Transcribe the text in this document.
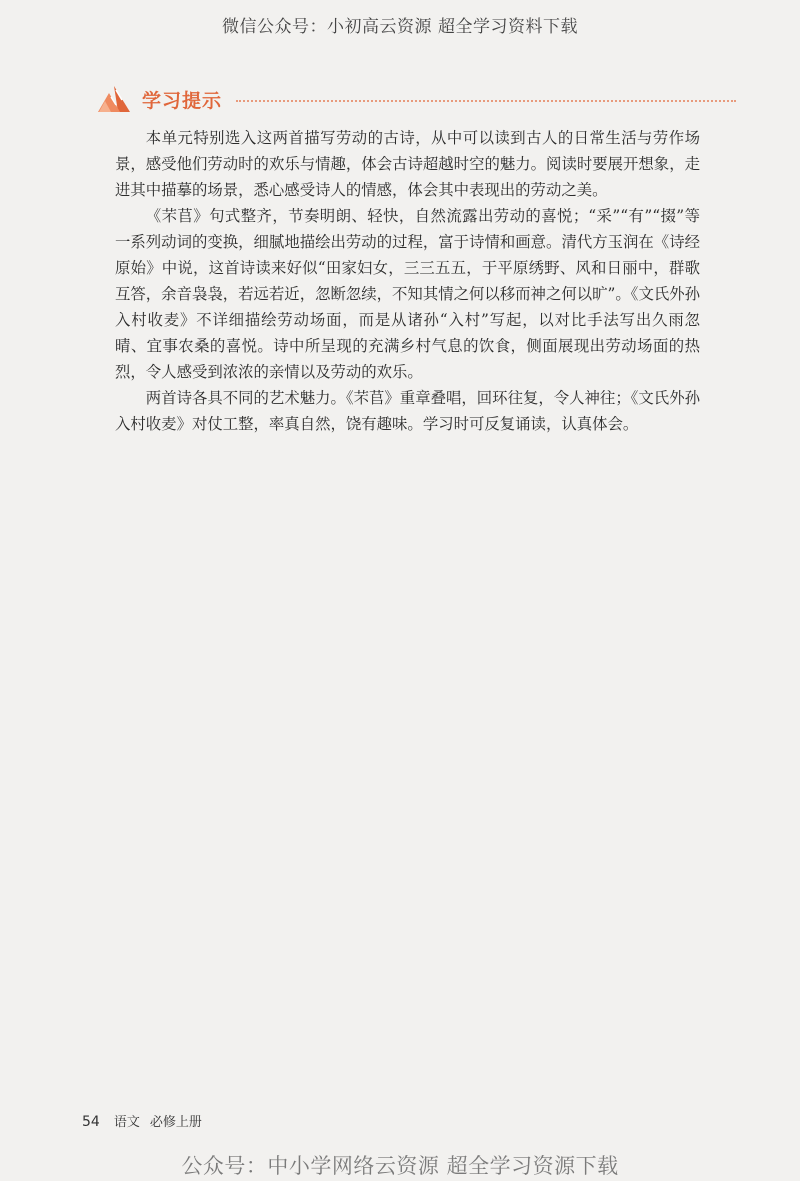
微信公众号：小初高云资源 超全学习资料下载
学习提示

本单元特别选入这两首描写劳动的古诗，从中可以读到古人的日常生活与劳作场景，感受他们劳动时的欢乐与情趣，体会古诗超越时空的魅力。阅读时要展开想象，走进其中描摹的场景，悉心感受诗人的情感，体会其中表现出的劳动之美。

《芣苢》句式整齐，节奏明朗、轻快，自然流露出劳动的喜悦；“采”“有”“掇”等一系列动词的变换，细腻地描绘出劳动的过程，富于诗情和画意。清代方玉润在《诗经原始》中说，这首诗读来好似“田家妇女，三三五五，于平原绣野、风和日丽中，群歌互答，余音袅袅，若远若近，忽断忽续，不知其情之何以移而神之何以旷”。《文氏外孙入村收麦》不详细描绘劳动场面，而是从诸孙“入村”写起，以对比手法写出久雨忽晴、宜事农桑的喜悦。诗中所呈现的充满乡村气息的饮食，侧面展现出劳动场面的热烈，令人感受到浓浓的亲情以及劳动的欢乐。

两首诗各具不同的艺术魅力。《芣苢》重章叠唱，回环往复，令人神往；《文氏外孙入村收麦》对仗工整，率真自然，饶有趣味。学习时可反复诵读，认真体会。

54 语文 必修上册
公众号：中小学网络云资源 超全学习资源下载
